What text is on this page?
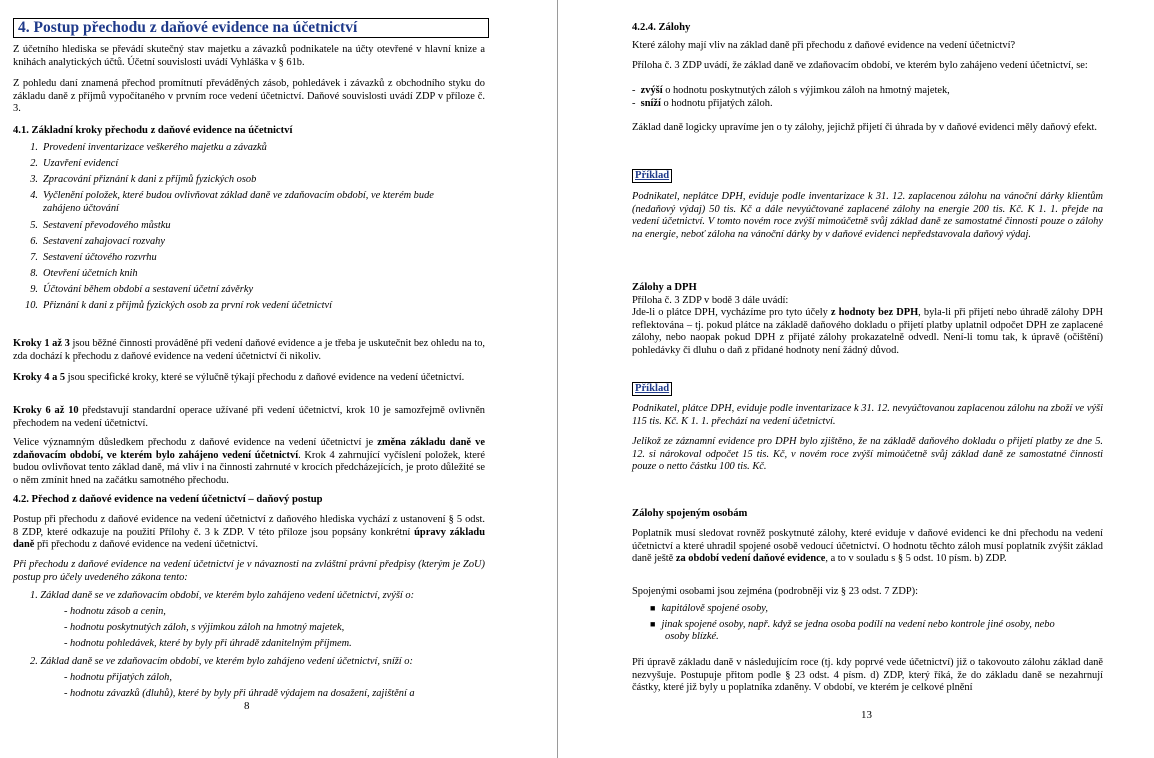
4. Postup přechodu z daňové evidence na účetnictví
Z účetního hlediska se převádí skutečný stav majetku a závazků podnikatele na účty otevřené v hlavní knize a knihách analytických účtů. Účetní souvislosti uvádí Vyhláška v § 61b.
Z pohledu daní znamená přechod promítnutí převáděných zásob, pohledávek i závazků z obchodního styku do základu daně z příjmů vypočítaného v prvním roce vedení účetnictví. Daňové souvislosti uvádí ZDP v příloze č. 3.
4.1. Základní kroky přechodu z daňové evidence na účetnictví
1. Provedení inventarizace veškerého majetku a závazků
2. Uzavření evidencí
3. Zpracování přiznání k dani z příjmů fyzických osob
4. Vyčlenění položek, které budou ovlivňovat základ daně ve zdaňovacím období, ve kterém bude
zahájeno účtování
5. Sestavení převodového můstku
6. Sestavení zahajovací rozvahy
7. Sestavení účtového rozvrhu
8. Otevření účetních knih
9. Účtování během období a sestavení účetní závěrky
10. Přiznání k dani z příjmů fyzických osob za první rok vedení účetnictví
Kroky 1 až 3 jsou běžné činnosti prováděné při vedení daňové evidence a je třeba je uskutečnit bez ohledu na to, zda dochází k přechodu z daňové evidence na vedení účetnictví či nikoliv.
Kroky 4 a 5 jsou specifické kroky, které se výlučně týkají přechodu z daňové evidence na vedení účetnictví.
Kroky 6 až 10 představují standardní operace užívané při vedení účetnictví, krok 10 je samozřejmě ovlivněn přechodem na vedení účetnictví.
Velice významným důsledkem přechodu z daňové evidence na vedení účetnictví je změna základu daně ve zdaňovacím období, ve kterém bylo zahájeno vedení účetnictví. Krok 4 zahrnující vyčíslení položek, které budou ovlivňovat tento základ daně, má vliv i na činnosti zahrnuté v krocích předcházejících, je proto důležité se o něm zmínit hned na začátku samotného přechodu.
4.2. Přechod z daňové evidence na vedení účetnictví – daňový postup
Postup při přechodu z daňové evidence na vedení účetnictví z daňového hlediska vychází z ustanovení § 5 odst. 8 ZDP, které odkazuje na použití Přílohy č. 3 k ZDP. V této příloze jsou popsány konkrétní úpravy základu daně při přechodu z daňové evidence na vedení účetnictví.
Při přechodu z daňové evidence na vedení účetnictví je v návaznosti na zvláštní právní předpisy (kterým je ZoU) postup pro účely uvedeného zákona tento:
1. Základ daně se ve zdaňovacím období, ve kterém bylo zahájeno vedení účetnictví, zvýší o:
- hodnotu zásob a cenin,
- hodnotu poskytnutých záloh, s výjimkou záloh na hmotný majetek,
- hodnotu pohledávek, které by byly při úhradě zdanitelným příjmem.
2. Základ daně se ve zdaňovacím období, ve kterém bylo zahájeno vedení účetnictví, sníží o:
- hodnotu přijatých záloh,
- hodnotu závazků (dluhů), které by byly při úhradě výdajem na dosažení, zajištění a
8
4.2.4. Zálohy
Které zálohy mají vliv na základ daně při přechodu z daňové evidence na vedení účetnictví?
Příloha č. 3 ZDP uvádí, že základ daně ve zdaňovacím období, ve kterém bylo zahájeno vedení účetnictví, se:
-  zvýší o hodnotu poskytnutých záloh s výjimkou záloh na hmotný majetek,
-  sníží o hodnotu přijatých záloh.
Základ daně logicky upravíme jen o ty zálohy, jejichž přijetí či úhrada by v daňové evidenci měly daňový efekt.
Příklad
Podnikatel, neplátce DPH, eviduje podle inventarizace k 31. 12. zaplacenou zálohu na vánoční dárky klientům (nedaňový výdaj) 50 tis. Kč a dále nevyúčtované zaplacené zálohy na energie 200 tis. Kč. K 1. 1. přejde na vedení účetnictví. V tomto novém roce zvýší mimoúčetně svůj základ daně ze samostatné činnosti pouze o zálohy na energie, neboť záloha na vánoční dárky by v daňové evidenci nepředstavovala daňový výdaj.
Zálohy a DPH
Příloha č. 3 ZDP v bodě 3 dále uvádí:
Jde-li o plátce DPH, vycházíme pro tyto účely z hodnoty bez DPH, byla-li při přijetí nebo úhradě zálohy DPH reflektována – tj. pokud plátce na základě daňového dokladu o přijetí platby uplatnil odpočet DPH ze zaplacené zálohy, nebo naopak pokud DPH z přijaté zálohy prokazatelně odvedl. Není-li tomu tak, k úpravě (očištění) pohledávky či dluhu o daň z přidané hodnoty není žádný důvod.
Příklad
Podnikatel, plátce DPH, eviduje podle inventarizace k 31. 12. nevyúčtovanou zaplacenou zálohu na zboží ve výši 115 tis. Kč. K 1. 1. přechází na vedení účetnictví.
Jelikož ze záznamní evidence pro DPH bylo zjištěno, že na základě daňového dokladu o přijetí platby ze dne 5. 12. si nárokoval odpočet 15 tis. Kč, v novém roce zvýší mimoúčetně svůj základ daně ze samostatné činnosti pouze o netto částku 100 tis. Kč.
Zálohy spojeným osobám
Poplatník musí sledovat rovněž poskytnuté zálohy, které eviduje v daňové evidenci ke dni přechodu na vedení účetnictví a které uhradil spojené osobě vedoucí účetnictví. O hodnotu těchto záloh musí poplatník zvýšit základ daně ještě za období vedení daňové evidence, a to v souladu s § 5 odst. 10 písm. b) ZDP.
Spojenými osobami jsou zejména (podrobněji viz § 23 odst. 7 ZDP):
■ kapitálově spojené osoby,
■ jinak spojené osoby, např. když se jedna osoba podílí na vedení nebo kontrole jiné osoby, nebo
osoby blízké.
Při úpravě základu daně v následujícím roce (tj. kdy poprvé vede účetnictví) již o takovouto zálohu základ daně nezvyšuje. Postupuje přitom podle § 23 odst. 4 písm. d) ZDP, který říká, že do základu daně se nezahrnují částky, které již byly u poplatníka zdaněny. V období, ve kterém je celkové plnění
13
